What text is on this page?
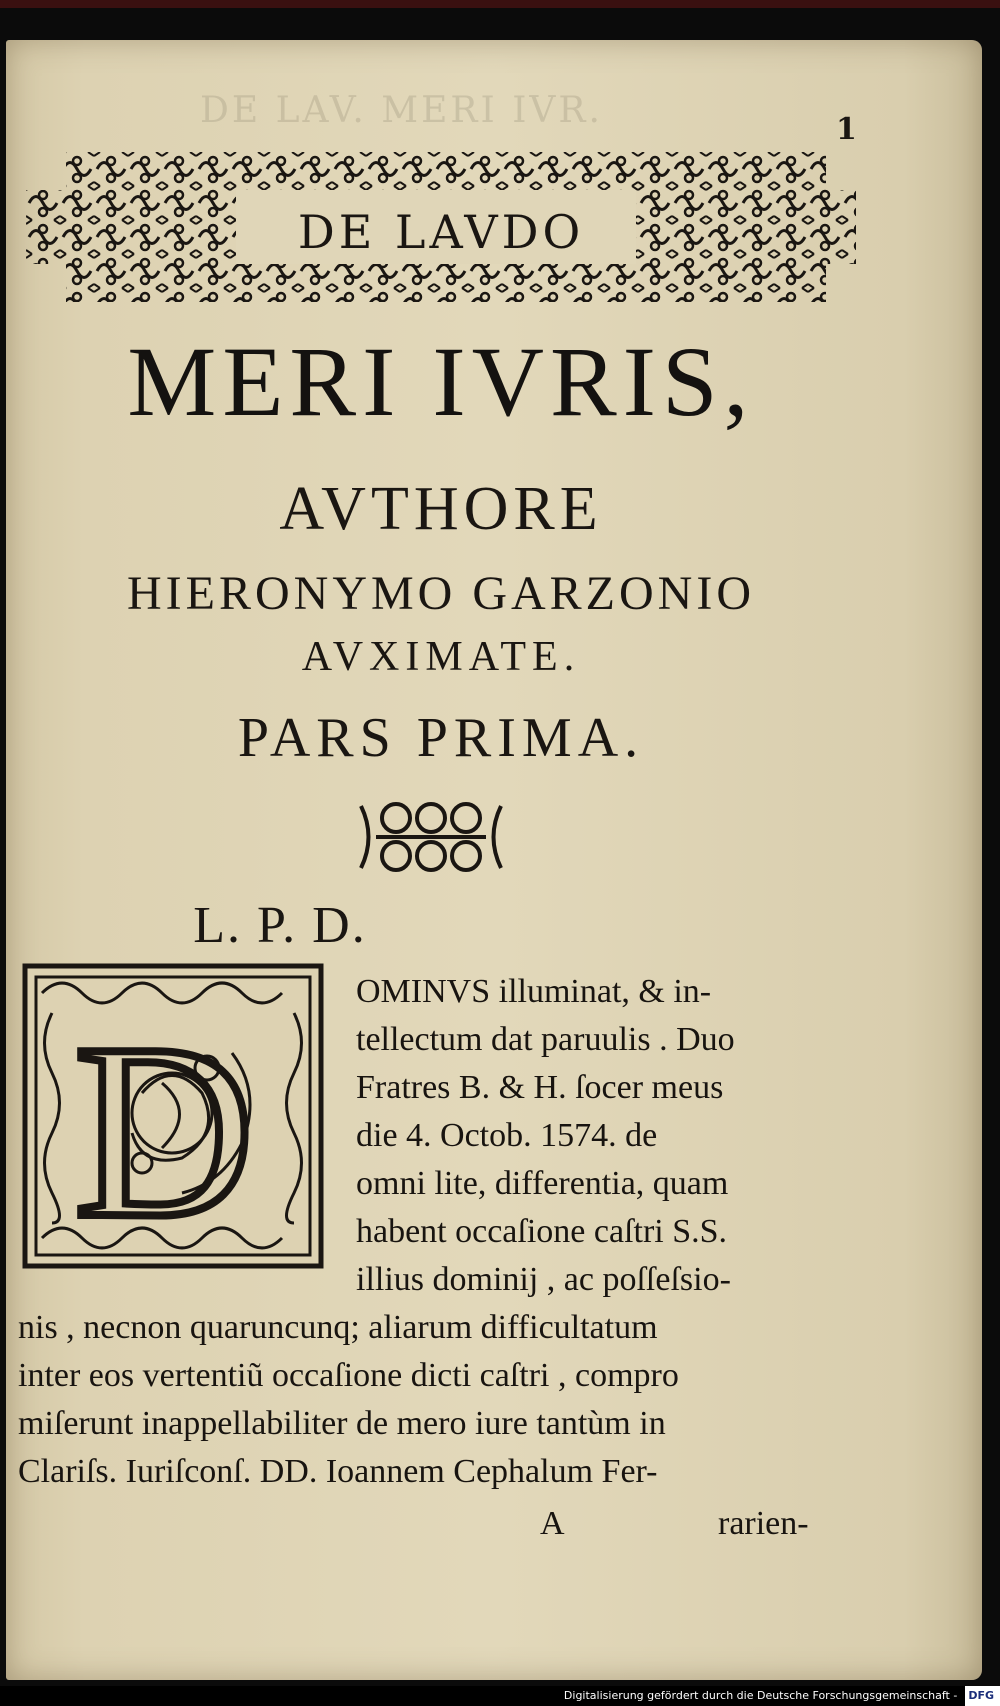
DE LAV. MERI IVR.	1
DE LAVDO
MERI IVRIS,
AVTHORE
HIERONYMO GARZONIO
AVXIMATE.
PARS PRIMA.
L. P. D.
D
OMINVS illuminat, & in-
tellectum dat paruulis . Duo
Fratres B. & H. ſocer meus
die 4. Octob. 1574. de
omni lite, differentia, quam
habent occaſione caſtri S.S.
illius dominij , ac poſſeſsio-
nis , necnon quaruncunq; aliarum difficultatum
inter eos vertentiũ occaſione dicti caſtri , compro
miſerunt inappellabiliter de mero iure tantùm in
Clariſs. Iuriſconſ. DD. Ioannem Cephalum Fer-
A	rarien-
Digitalisierung gefördert durch die Deutsche Forschungsgemeinschaft - DFG
